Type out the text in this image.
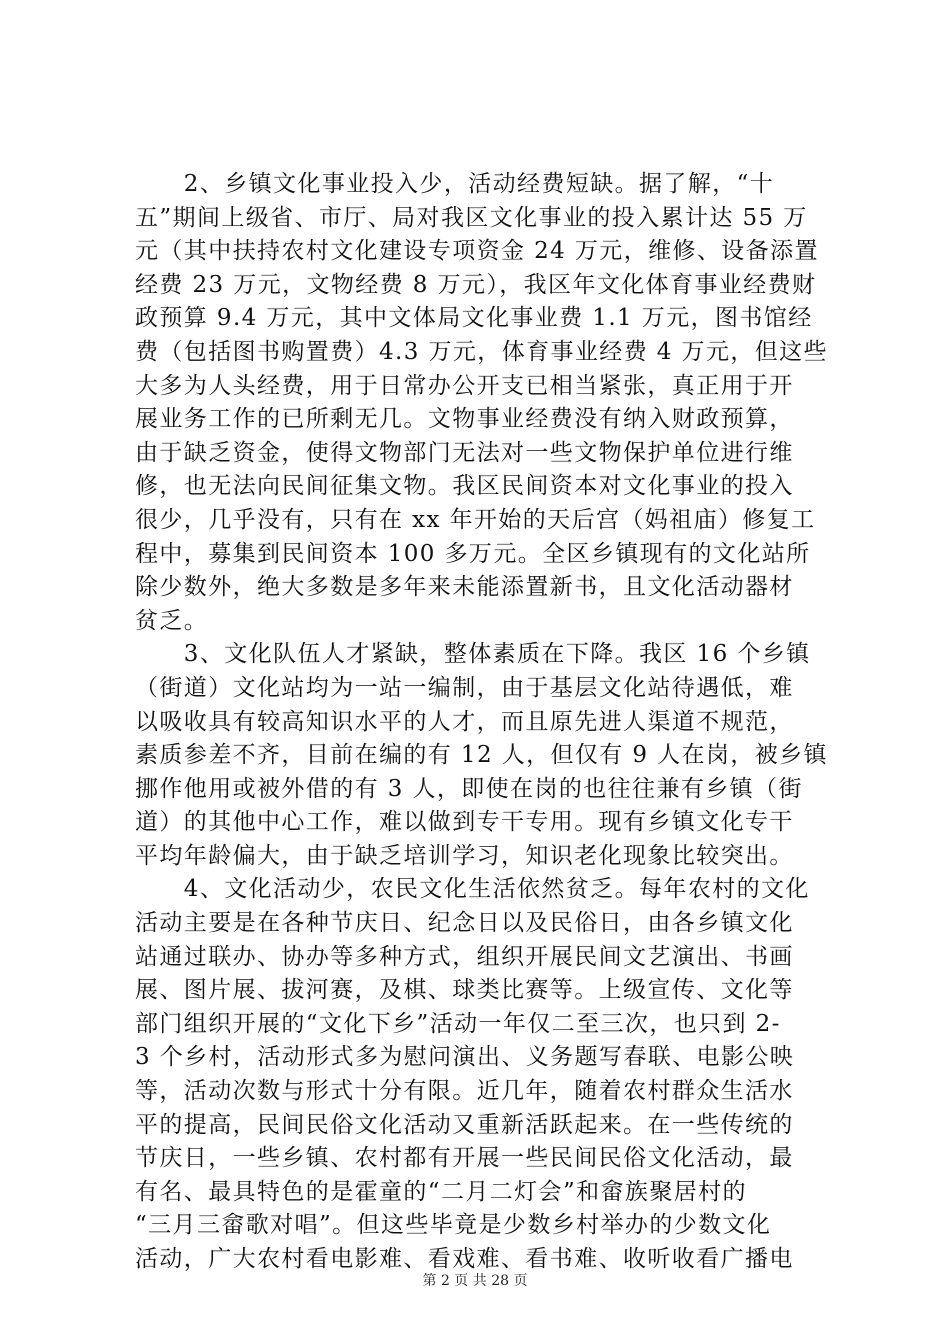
　　2、乡镇文化事业投入少，活动经费短缺。据了解，“十
五”期间上级省、市厅、局对我区文化事业的投入累计达 55 万
元（其中扶持农村文化建设专项资金 24 万元，维修、设备添置
经费 23 万元，文物经费 8 万元），我区年文化体育事业经费财
政预算 9.4 万元，其中文体局文化事业费 1.1 万元，图书馆经
费（包括图书购置费）4.3 万元，体育事业经费 4 万元，但这些
大多为人头经费，用于日常办公开支已相当紧张，真正用于开
展业务工作的已所剩无几。文物事业经费没有纳入财政预算，
由于缺乏资金，使得文物部门无法对一些文物保护单位进行维
修，也无法向民间征集文物。我区民间资本对文化事业的投入
很少，几乎没有，只有在 xx 年开始的天后宫（妈祖庙）修复工
程中，募集到民间资本 100 多万元。全区乡镇现有的文化站所
除少数外，绝大多数是多年来未能添置新书，且文化活动器材
贫乏。
　　3、文化队伍人才紧缺，整体素质在下降。我区 16 个乡镇
（街道）文化站均为一站一编制，由于基层文化站待遇低，难
以吸收具有较高知识水平的人才，而且原先进人渠道不规范，
素质参差不齐，目前在编的有 12 人，但仅有 9 人在岗，被乡镇
挪作他用或被外借的有 3 人，即使在岗的也往往兼有乡镇（街
道）的其他中心工作，难以做到专干专用。现有乡镇文化专干
平均年龄偏大，由于缺乏培训学习，知识老化现象比较突出。
　　4、文化活动少，农民文化生活依然贫乏。每年农村的文化
活动主要是在各种节庆日、纪念日以及民俗日，由各乡镇文化
站通过联办、协办等多种方式，组织开展民间文艺演出、书画
展、图片展、拔河赛，及棋、球类比赛等。上级宣传、文化等
部门组织开展的“文化下乡”活动一年仅二至三次，也只到 2-
3 个乡村，活动形式多为慰问演出、义务题写春联、电影公映
等，活动次数与形式十分有限。近几年，随着农村群众生活水
平的提高，民间民俗文化活动又重新活跃起来。在一些传统的
节庆日，一些乡镇、农村都有开展一些民间民俗文化活动，最
有名、最具特色的是霍童的“二月二灯会”和畲族聚居村的
“三月三畲歌对唱”。但这些毕竟是少数乡村举办的少数文化
活动，广大农村看电影难、看戏难、看书难、收听收看广播电
第 2 页 共 28 页
